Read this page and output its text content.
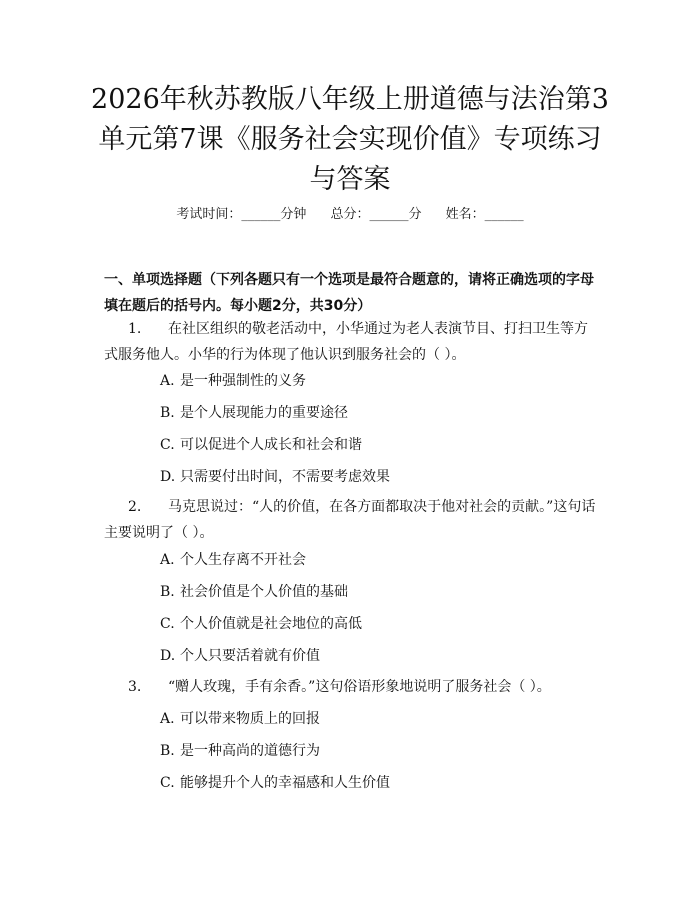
2026年秋苏教版八年级上册道德与法治第3
单元第7课《服务社会实现价值》专项练习
与答案
考试时间：______分钟 总分：______分 姓名：______

一、单项选择题（下列各题只有一个选项是最符合题意的，请将正确选项的字母填在题后的括号内。每小题2分，共30分）

1. 在社区组织的敬老活动中，小华通过为老人表演节目、打扫卫生等方式服务他人。小华的行为体现了他认识到服务社会的（ ）。

A. 是一种强制性的义务

B. 是个人展现能力的重要途径

C. 可以促进个人成长和社会和谐

D. 只需要付出时间，不需要考虑效果

2. 马克思说过：“人的价值，在各方面都取决于他对社会的贡献。”这句话主要说明了（ ）。

A. 个人生存离不开社会

B. 社会价值是个人价值的基础

C. 个人价值就是社会地位的高低

D. 个人只要活着就有价值

3. “赠人玫瑰，手有余香。”这句俗语形象地说明了服务社会（ ）。

A. 可以带来物质上的回报

B. 是一种高尚的道德行为

C. 能够提升个人的幸福感和人生价值
